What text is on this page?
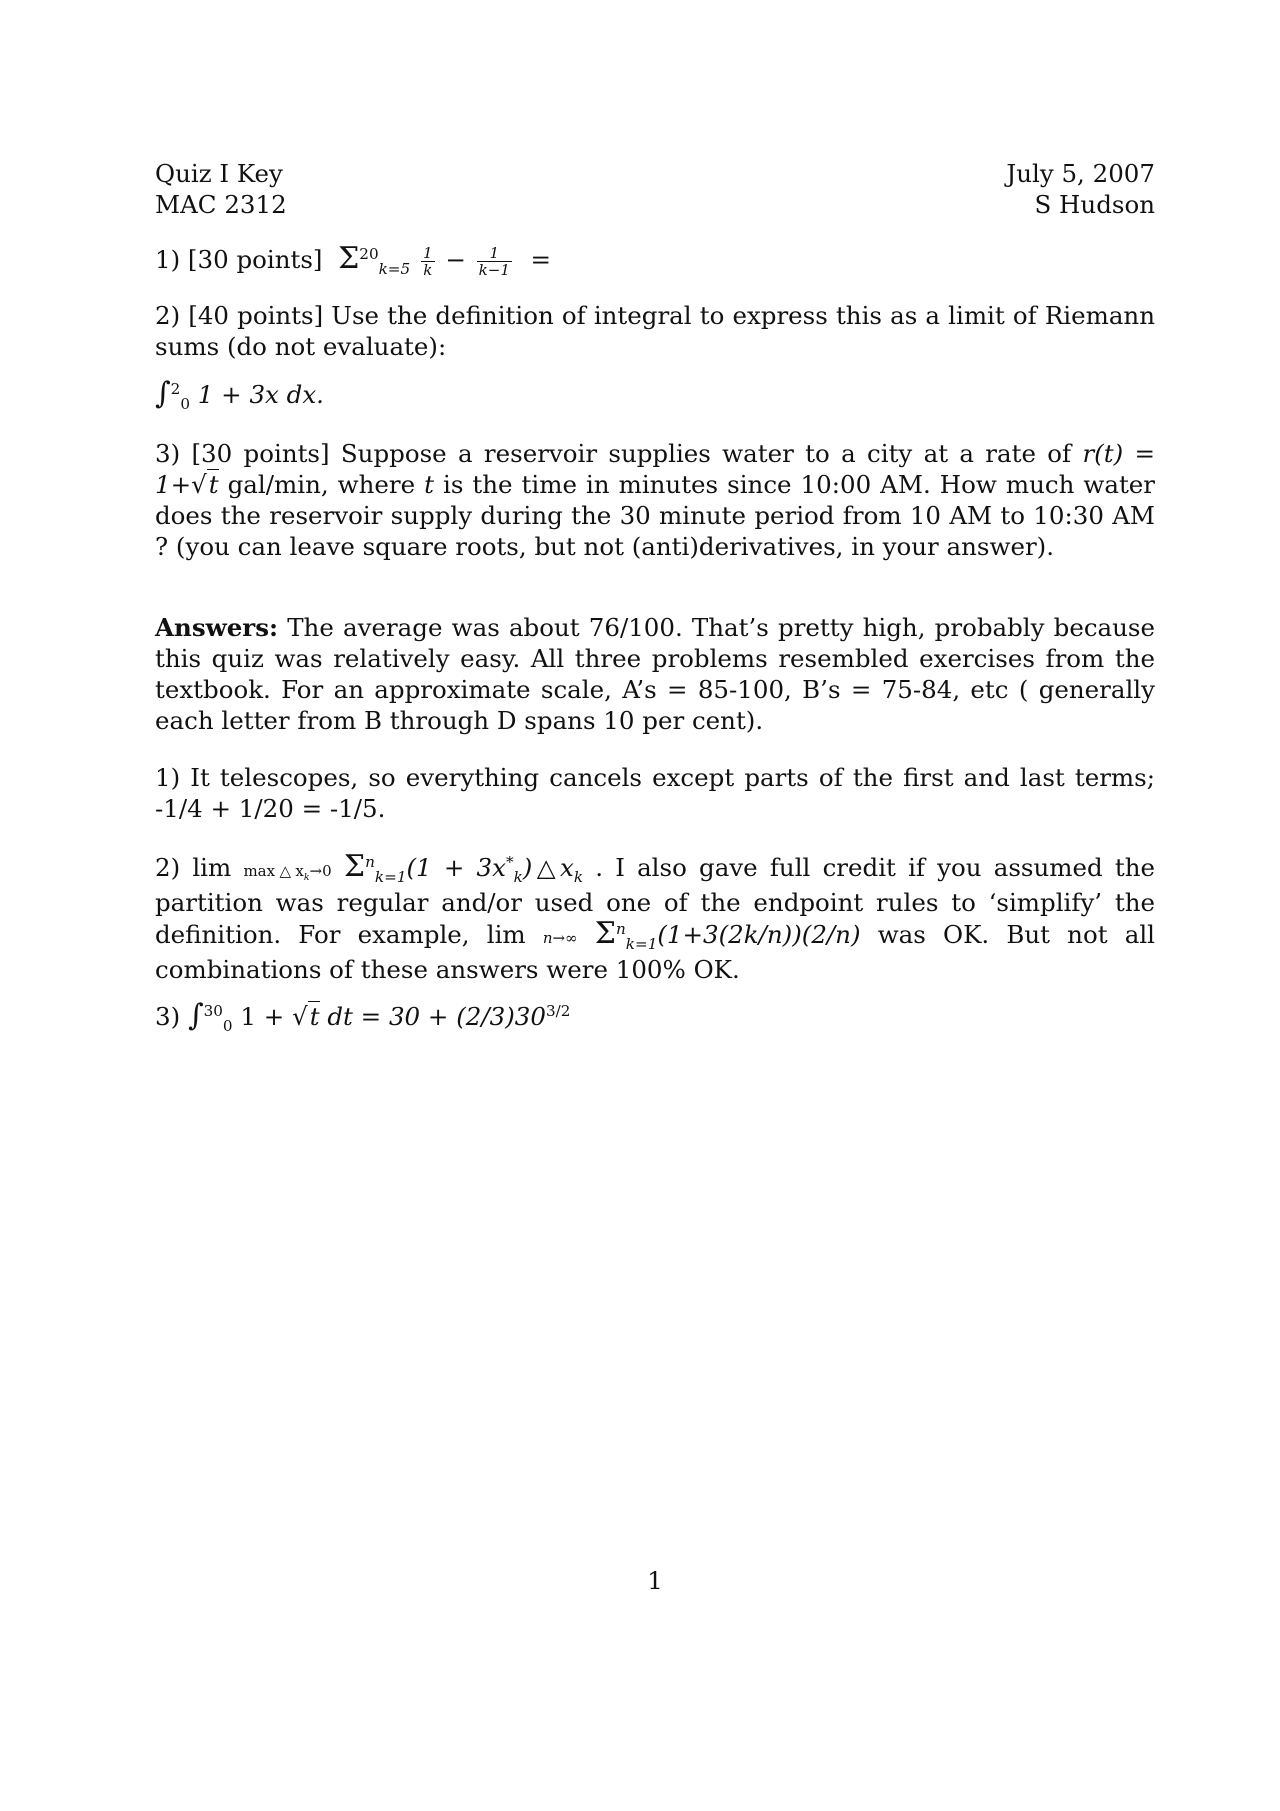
Quiz I Key
MAC 2312
July 5, 2007
S Hudson
1) [30 points] $\Sigma^{20}_{k=5} \frac{1}{k} - \frac{1}{k-1}$ =
2) [40 points] Use the definition of integral to express this as a limit of Riemann sums (do not evaluate):
∫$^2_0$ 1 + 3x dx.
3) [30 points] Suppose a reservoir supplies water to a city at a rate of r(t) = 1+√t gal/min, where t is the time in minutes since 10:00 AM. How much water does the reservoir supply during the 30 minute period from 10 AM to 10:30 AM ? (you can leave square roots, but not (anti)derivatives, in your answer).
Answers: The average was about 76/100. That’s pretty high, probably because this quiz was relatively easy. All three problems resembled exercises from the textbook. For an approximate scale, A’s = 85-100, B’s = 75-84, etc ( generally each letter from B through D spans 10 per cent).
1) It telescopes, so everything cancels except parts of the first and last terms; -1/4 + 1/20 = -1/5.
2) $\lim \max\triangle x_k\to 0$ $\Sigma^n_{k=1}(1$ + $3x^*_k)\triangle x_k$ . I also gave full credit if you assumed the partition was regular and/or used one of the endpoint rules to ‘simplify’ the definition. For example, lim n→∞ $\Sigma^n_{k=1}(1+3(2k/n))(2/n)$ was OK. But not all combinations of these answers were 100% OK.
3) ∫$^{30}_0$ 1 + √t dt = $30 + (2/3)30^{3/2}$
1
